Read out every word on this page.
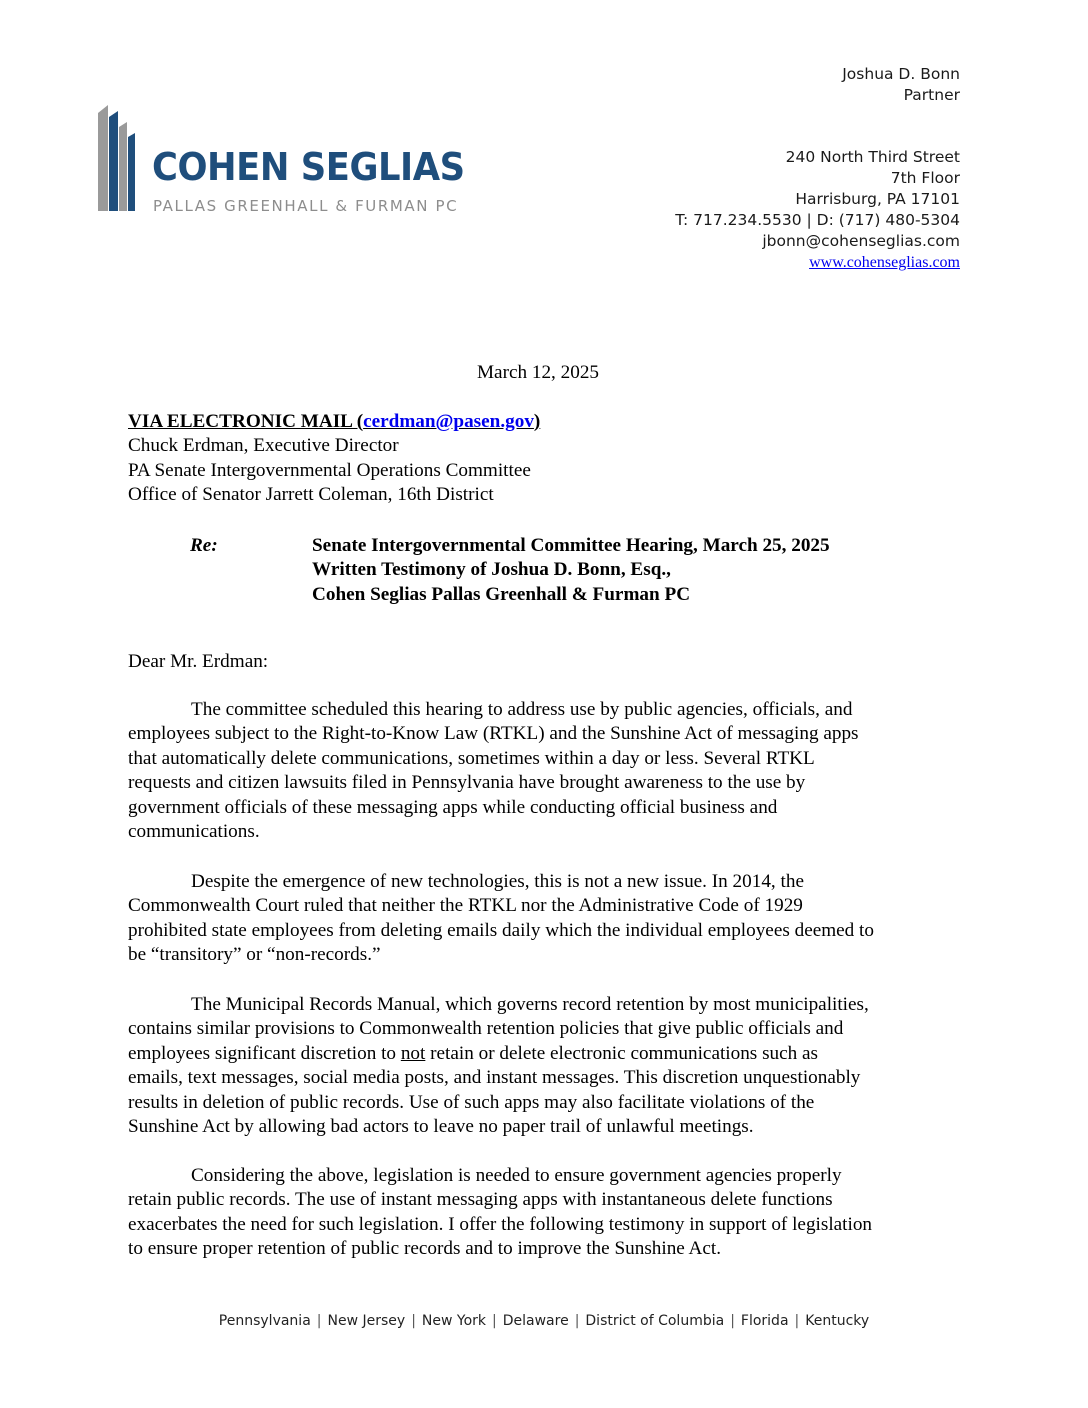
COHEN SEGLIAS
PALLAS GREENHALL & FURMAN PC
Joshua D. Bonn
Partner
240 North Third Street
7th Floor
Harrisburg, PA 17101
T: 717.234.5530 | D: (717) 480-5304
jbonn@cohenseglias.com
www.cohenseglias.com
March 12, 2025
VIA ELECTRONIC MAIL (cerdman@pasen.gov)
Chuck Erdman, Executive Director
PA Senate Intergovernmental Operations Committee
Office of Senator Jarrett Coleman, 16th District
Re:	Senate Intergovernmental Committee Hearing, March 25, 2025
Written Testimony of Joshua D. Bonn, Esq.,
Cohen Seglias Pallas Greenhall & Furman PC
Dear Mr. Erdman:
The committee scheduled this hearing to address use by public agencies, officials, and
employees subject to the Right-to-Know Law (RTKL) and the Sunshine Act of messaging apps
that automatically delete communications, sometimes within a day or less. Several RTKL
requests and citizen lawsuits filed in Pennsylvania have brought awareness to the use by
government officials of these messaging apps while conducting official business and
communications.
Despite the emergence of new technologies, this is not a new issue. In 2014, the
Commonwealth Court ruled that neither the RTKL nor the Administrative Code of 1929
prohibited state employees from deleting emails daily which the individual employees deemed to
be “transitory” or “non-records.”
The Municipal Records Manual, which governs record retention by most municipalities,
contains similar provisions to Commonwealth retention policies that give public officials and
employees significant discretion to not retain or delete electronic communications such as
emails, text messages, social media posts, and instant messages. This discretion unquestionably
results in deletion of public records. Use of such apps may also facilitate violations of the
Sunshine Act by allowing bad actors to leave no paper trail of unlawful meetings.
Considering the above, legislation is needed to ensure government agencies properly
retain public records. The use of instant messaging apps with instantaneous delete functions
exacerbates the need for such legislation. I offer the following testimony in support of legislation
to ensure proper retention of public records and to improve the Sunshine Act.
Pennsylvania | New Jersey | New York | Delaware | District of Columbia | Florida | Kentucky
